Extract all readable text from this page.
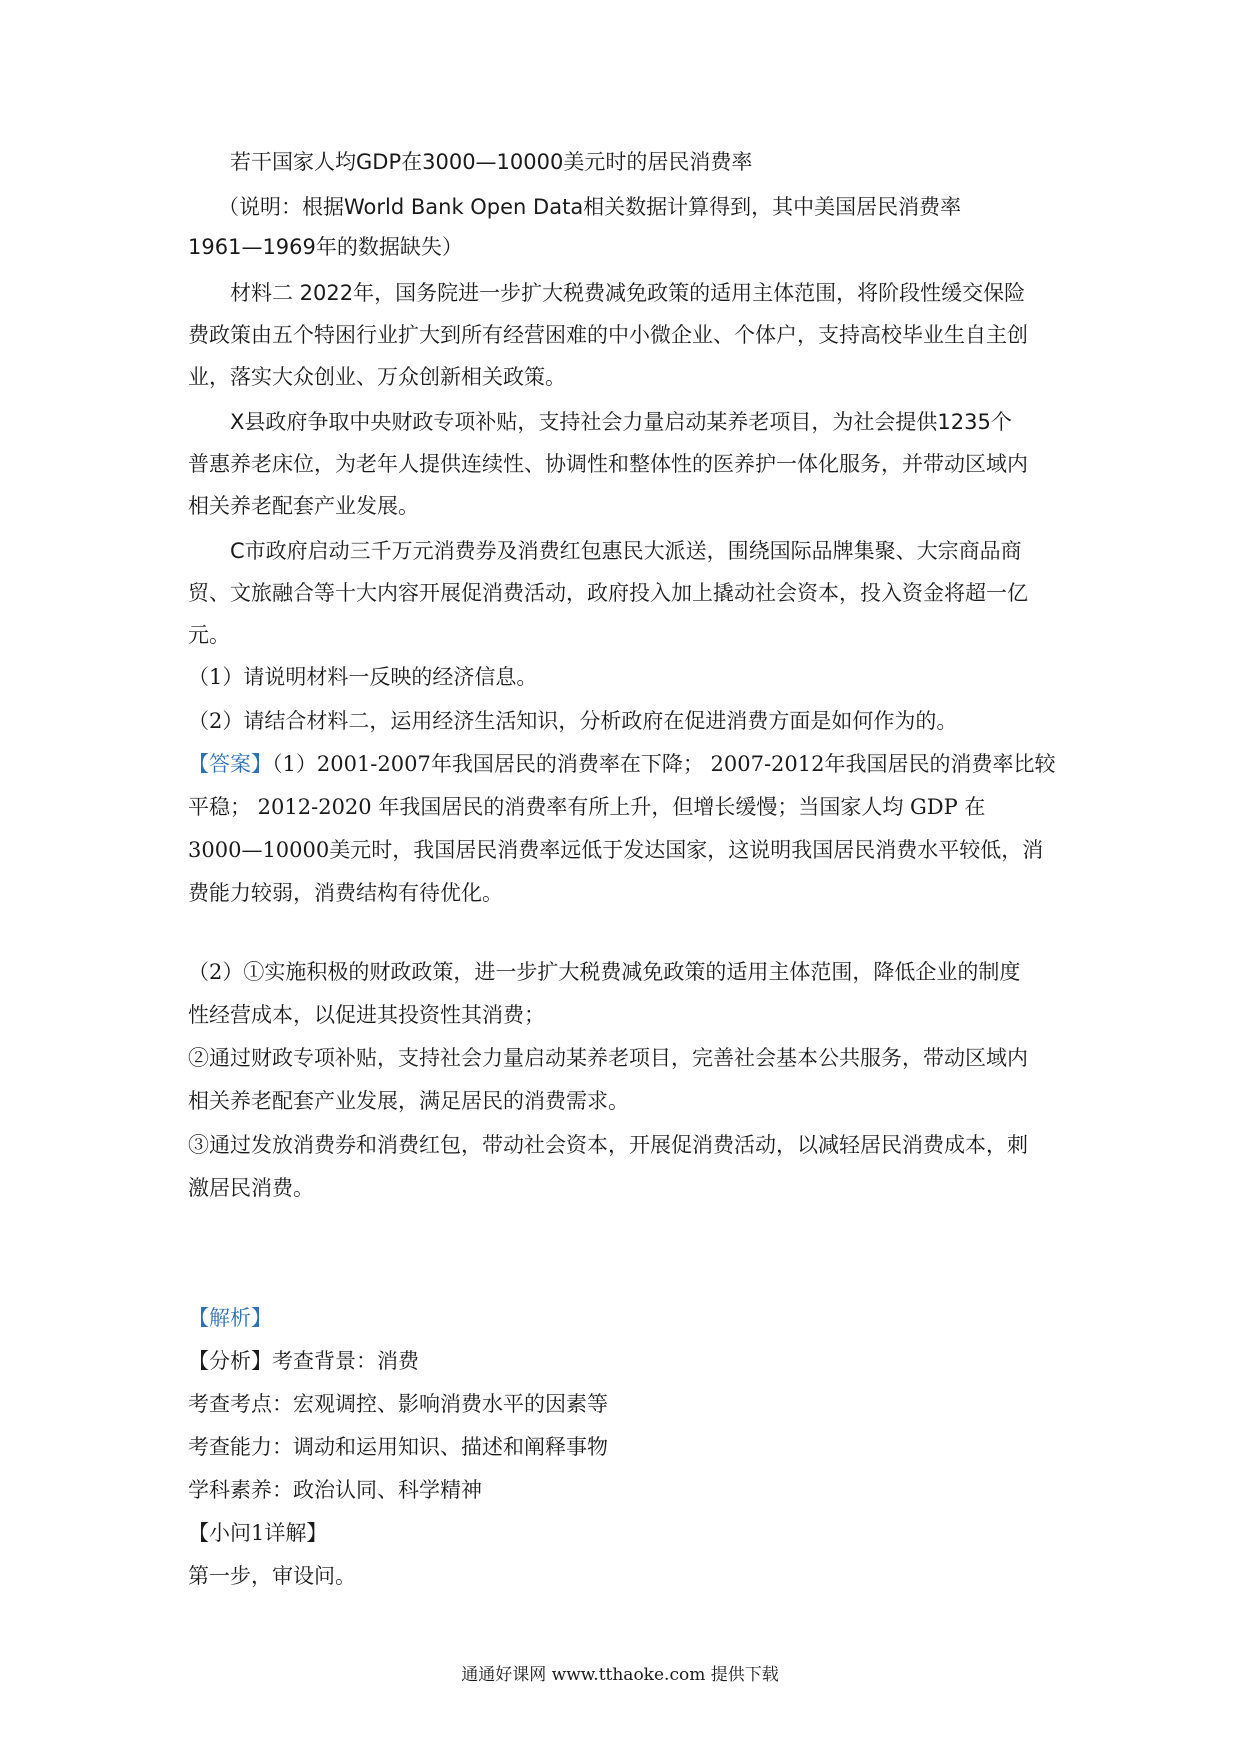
若干国家人均GDP在3000—10000美元时的居民消费率
（说明：根据World Bank Open Data相关数据计算得到，其中美国居民消费率
1961—1969年的数据缺失）
材料二 2022年，国务院进一步扩大税费减免政策的适用主体范围，将阶段性缓交保险
费政策由五个特困行业扩大到所有经营困难的中小微企业、个体户，支持高校毕业生自主创
业，落实大众创业、万众创新相关政策。
X县政府争取中央财政专项补贴，支持社会力量启动某养老项目，为社会提供1235个
普惠养老床位，为老年人提供连续性、协调性和整体性的医养护一体化服务，并带动区域内
相关养老配套产业发展。
C市政府启动三千万元消费券及消费红包惠民大派送，围绕国际品牌集聚、大宗商品商
贸、文旅融合等十大内容开展促消费活动，政府投入加上撬动社会资本，投入资金将超一亿
元。
（1）请说明材料一反映的经济信息。
（2）请结合材料二，运用经济生活知识，分析政府在促进消费方面是如何作为的。
【答案】（1）2001-2007年我国居民的消费率在下降； 2007-2012年我国居民的消费率比较
平稳； 2012-2020 年我国居民的消费率有所上升，但增长缓慢；当国家人均 GDP 在
3000—10000美元时，我国居民消费率远低于发达国家，这说明我国居民消费水平较低，消
费能力较弱，消费结构有待优化。
（2）①实施积极的财政政策，进一步扩大税费减免政策的适用主体范围，降低企业的制度
性经营成本，以促进其投资性其消费；
②通过财政专项补贴，支持社会力量启动某养老项目，完善社会基本公共服务，带动区域内
相关养老配套产业发展，满足居民的消费需求。
③通过发放消费券和消费红包，带动社会资本，开展促消费活动，以减轻居民消费成本，刺
激居民消费。
【解析】
【分析】考查背景：消费
考查考点：宏观调控、影响消费水平的因素等
考查能力：调动和运用知识、描述和阐释事物
学科素养：政治认同、科学精神
【小问1详解】
第一步，审设问。
通通好课网 www.tthaoke.com 提供下载
